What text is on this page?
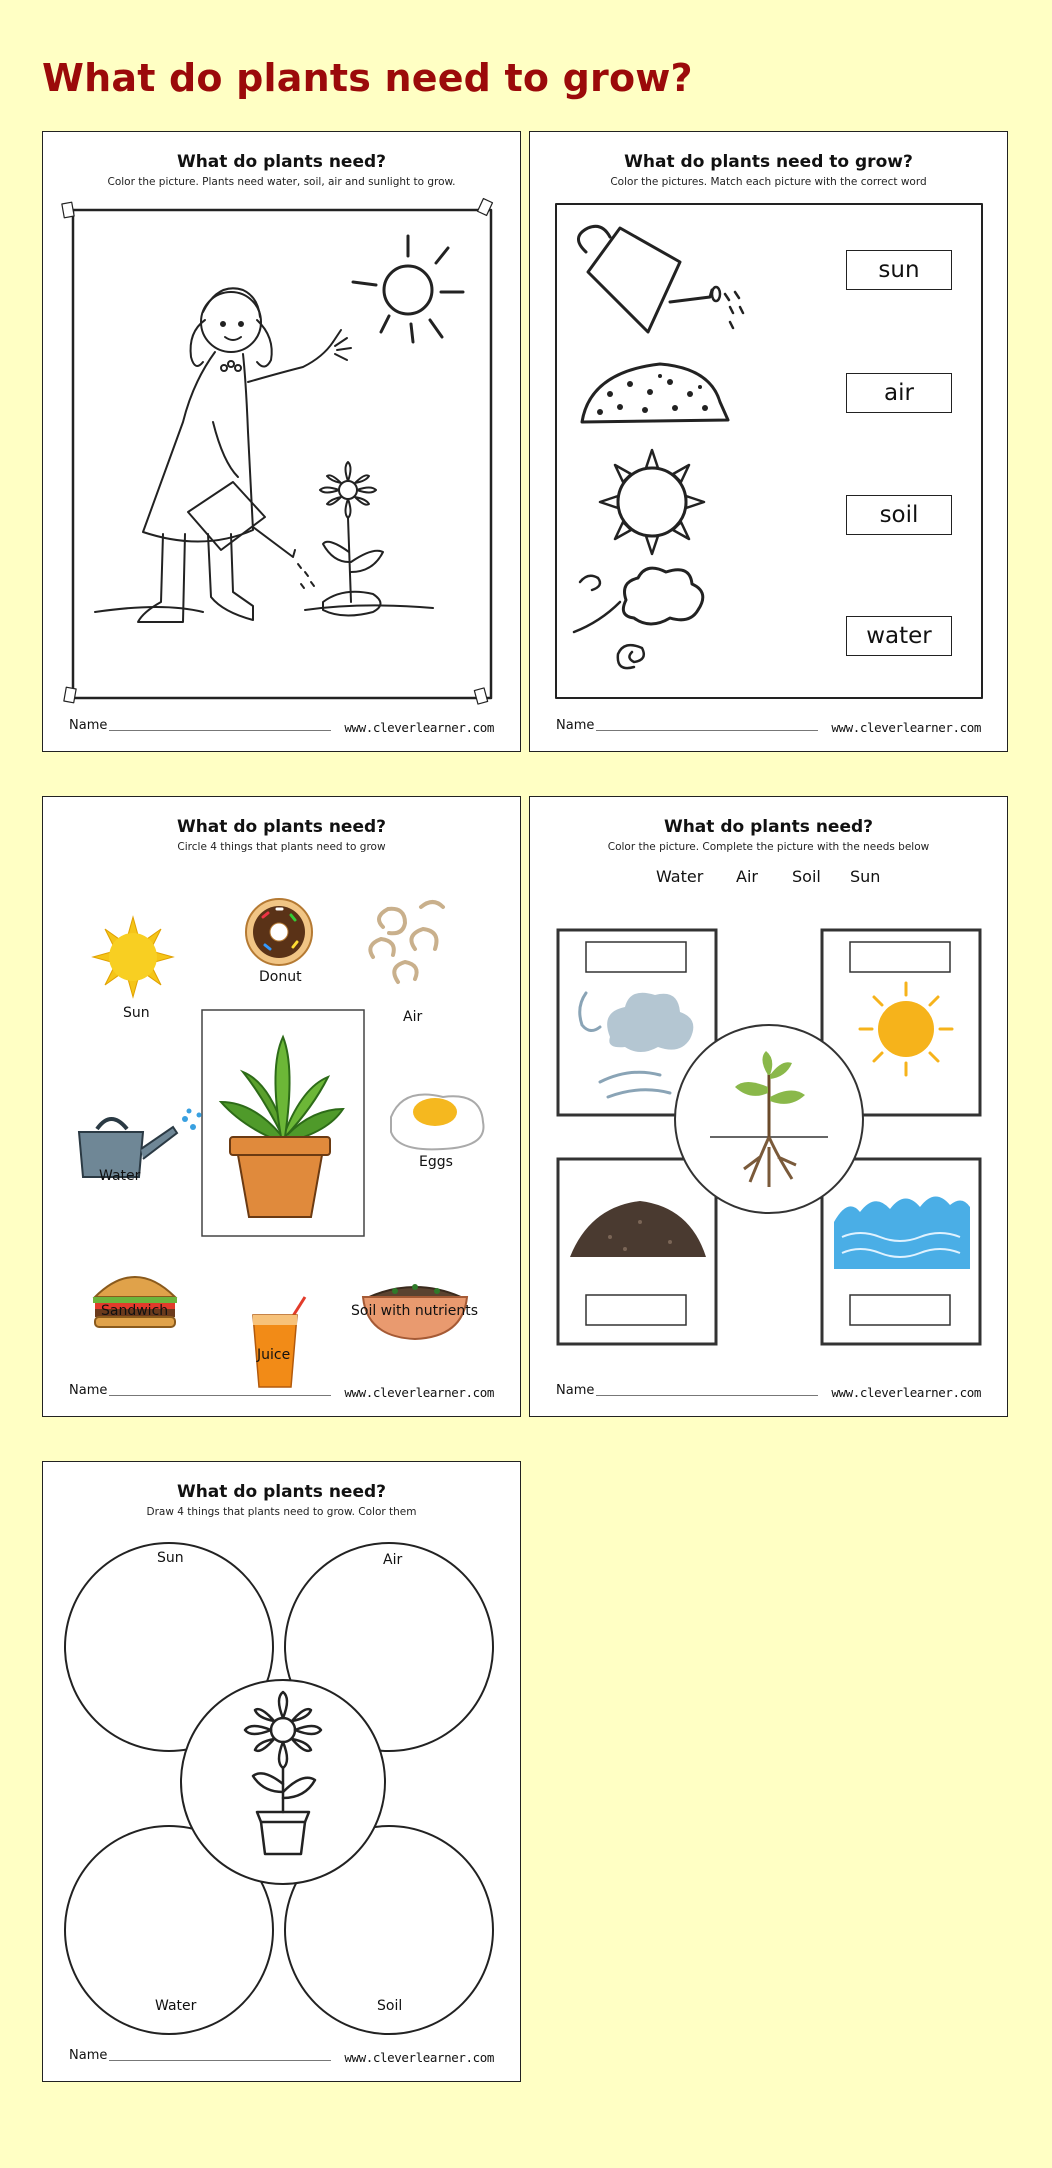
What do plants need to grow?
What do plants need?
Color the picture. Plants need water, soil, air and sunlight to grow.
Name	www.cleverlearner.com
What do plants need to grow?
Color the pictures. Match each picture with the correct word
sun
air
soil
water
Name	www.cleverlearner.com
What do plants need?
Circle 4 things that plants need to grow
Sun
Donut
Air
Water
Eggs
Sandwich
Juice
Soil with nutrients
Name	www.cleverlearner.com
What do plants need?
Color the picture. Complete the picture with the needs below
Water Air Soil Sun
Name	www.cleverlearner.com
What do plants need?
Draw 4 things that plants need to grow. Color them
Sun	Air
Water	Soil
Name	www.cleverlearner.com
